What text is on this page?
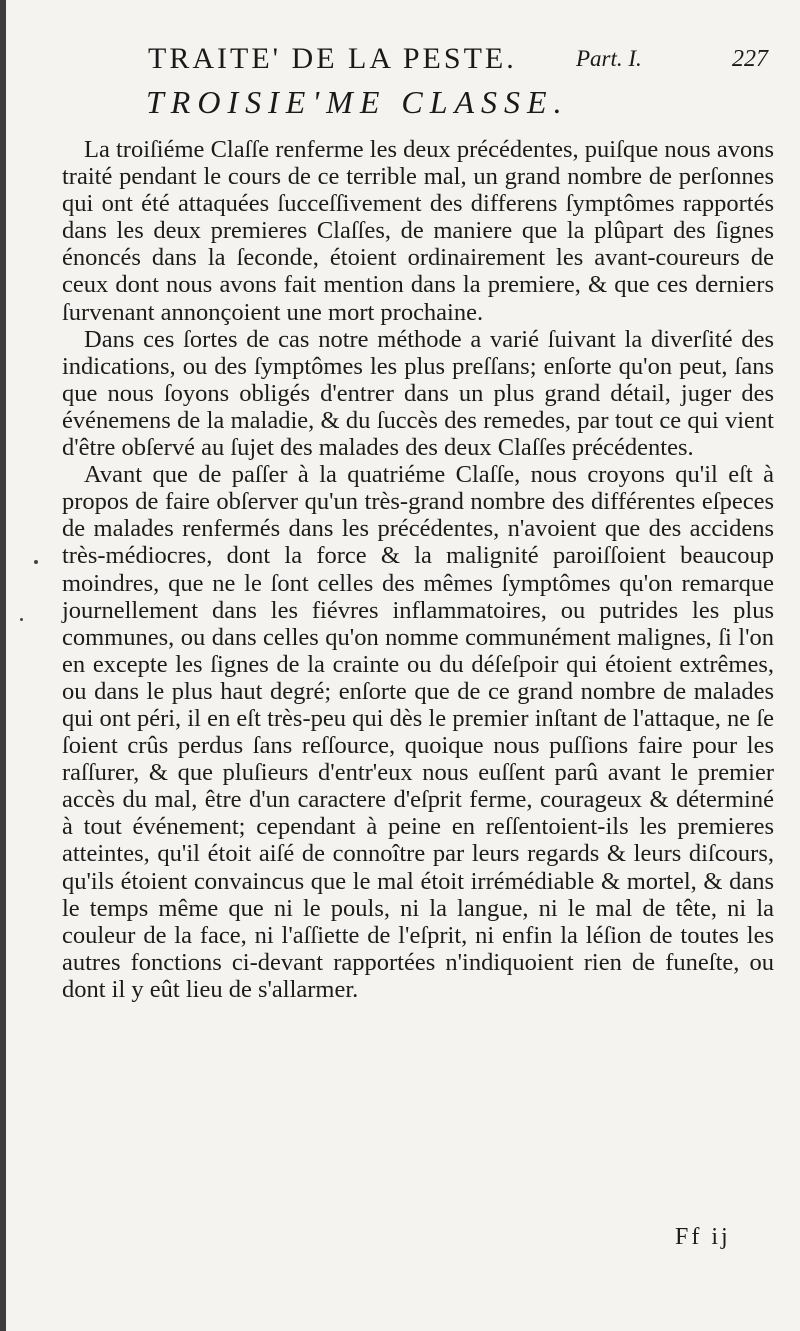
TRAITE' DE LA PESTE.	Part. I.	227
TROISIE'ME CLASSE.

La troiſiéme Claſſe renferme les deux précédentes, puiſque nous avons traité pendant le cours de ce terrible mal, un grand nombre de perſonnes qui ont été attaquées ſucceſſivement des differens ſymptômes rapportés dans les deux premieres Claſſes, de maniere que la plûpart des ſignes énoncés dans la ſeconde, étoient ordinairement les avant-coureurs de ceux dont nous avons fait mention dans la premiere, & que ces derniers ſurvenant annonçoient une mort prochaine.

Dans ces ſortes de cas notre méthode a varié ſuivant la diverſité des indications, ou des ſymptômes les plus preſſans; enſorte qu'on peut, ſans que nous ſoyons obligés d'entrer dans un plus grand détail, juger des événemens de la maladie, & du ſuccès des remedes, par tout ce qui vient d'être obſervé au ſujet des malades des deux Claſſes précédentes.

Avant que de paſſer à la quatriéme Claſſe, nous croyons qu'il eſt à propos de faire obſerver qu'un très-grand nombre des différentes eſpeces de malades renfermés dans les précédentes, n'avoient que des accidens très-médiocres, dont la force & la malignité paroiſſoient beaucoup moindres, que ne le ſont celles des mêmes ſymptômes qu'on remarque journellement dans les fiévres inflammatoires, ou putrides les plus communes, ou dans celles qu'on nomme communément malignes, ſi l'on en excepte les ſignes de la crainte ou du déſeſpoir qui étoient extrêmes, ou dans le plus haut degré; enſorte que de ce grand nombre de malades qui ont péri, il en eſt très-peu qui dès le premier inſtant de l'attaque, ne ſe ſoient crûs perdus ſans reſſource, quoique nous puſſions faire pour les raſſurer, & que pluſieurs d'entr'eux nous euſſent parû avant le premier accès du mal, être d'un caractere d'eſprit ferme, courageux & déterminé à tout événement; cependant à peine en reſſentoient-ils les premieres atteintes, qu'il étoit aiſé de connoître par leurs regards & leurs diſcours, qu'ils étoient convaincus que le mal étoit irrémédiable & mortel, & dans le temps même que ni le pouls, ni la langue, ni le mal de tête, ni la couleur de la face, ni l'aſſiette de l'eſprit, ni enfin la léſion de toutes les autres fonctions ci-devant rapportées n'indiquoient rien de funeſte, ou dont il y eût lieu de s'allarmer.

Ff ij
